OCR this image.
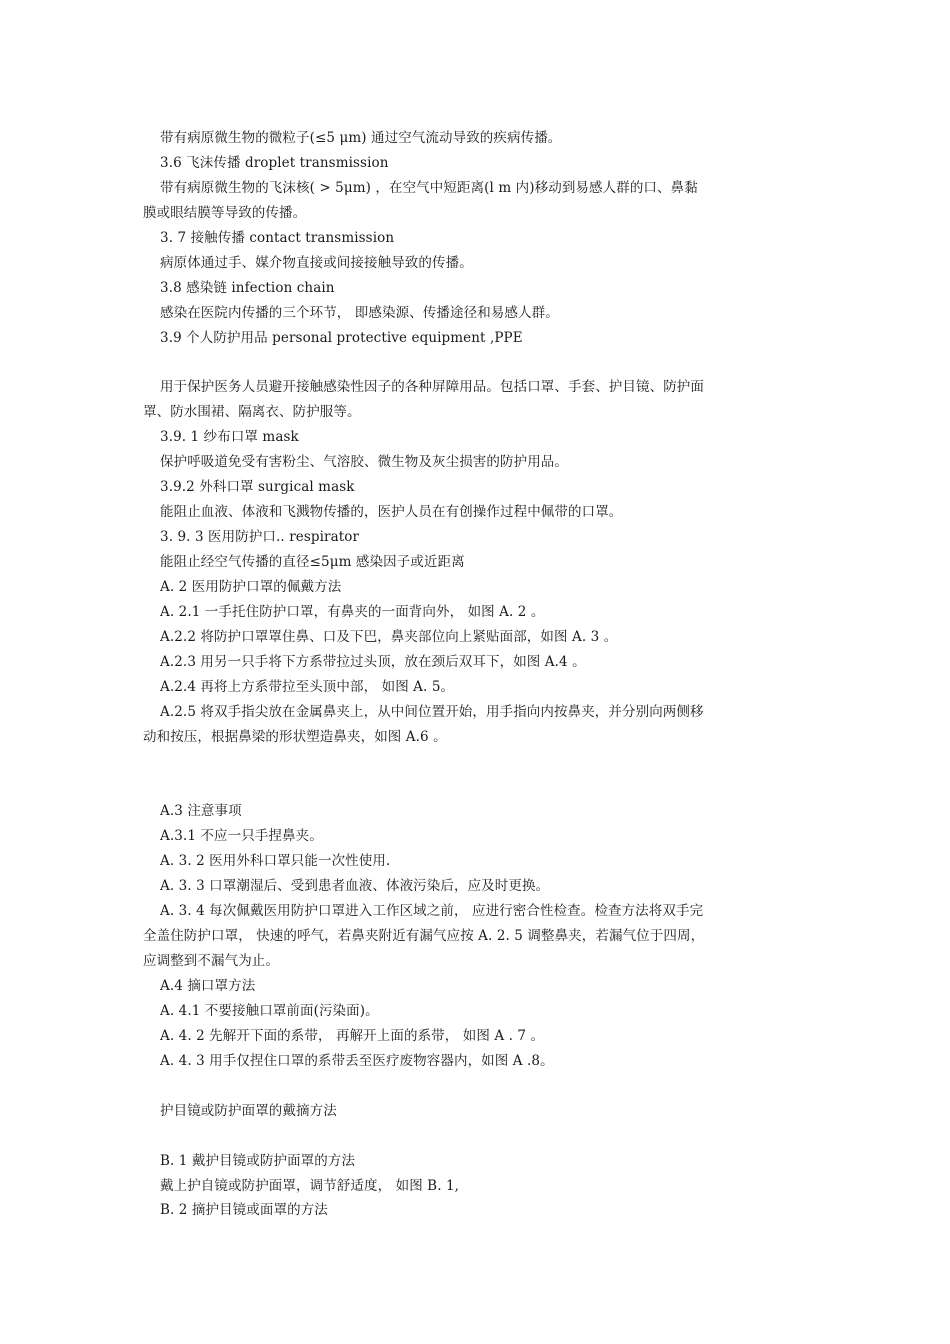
带有病原微生物的微粒子(≤5 μm) 通过空气流动导致的疾病传播。
3.6 飞沫传播 droplet transmission
带有病原微生物的飞沫核( > 5μm) ，在空气中短距离(l m 内)移动到易感人群的口、鼻黏
膜或眼结膜等导致的传播。
3. 7 接触传播 contact transmission
病原体通过手、媒介物直接或间接接触导致的传播。
3.8 感染链 infection chain
感染在医院内传播的三个环节， 即感染源、传播途径和易感人群。
3.9 个人防护用品 personal protective equipment ,PPE
用于保护医务人员避开接触感染性因子的各种屏障用品。包括口罩、手套、护目镜、防护面
罩、防水围裙、隔离衣、防护服等。
3.9. 1 纱布口罩 mask
保护呼吸道免受有害粉尘、气溶胶、微生物及灰尘损害的防护用品。
3.9.2 外科口罩 surgical mask
能阻止血液、体液和飞溅物传播的，医护人员在有创操作过程中佩带的口罩。
3. 9. 3 医用防护口.. respirator
能阻止经空气传播的直径≤5μm 感染因子或近距离
A. 2 医用防护口罩的佩戴方法
A. 2.1 一手托住防护口罩，有鼻夹的一面背向外， 如图 A. 2 。
A.2.2 将防护口罩罩住鼻、口及下巴，鼻夹部位向上紧贴面部，如图 A. 3 。
A.2.3 用另一只手将下方系带拉过头顶，放在颈后双耳下，如图 A.4 。
A.2.4 再将上方系带拉至头顶中部， 如图 A. 5。
A.2.5 将双手指尖放在金属鼻夹上，从中间位置开始，用手指向内按鼻夹，并分别向两侧移
动和按压，根据鼻梁的形状塑造鼻夹，如图 A.6 。
A.3 注意事项
A.3.1 不应一只手捏鼻夹。
A. 3. 2 医用外科口罩只能一次性使用.
A. 3. 3 口罩潮湿后、受到患者血液、体液污染后，应及时更换。
A. 3. 4 每次佩戴医用防护口罩进入工作区域之前， 应进行密合性检查。检查方法将双手完
全盖住防护口罩， 快速的呼气，若鼻夹附近有漏气应按 A. 2. 5 调整鼻夹，若漏气位于四周，
应调整到不漏气为止。
A.4 摘口罩方法
A. 4.1 不要接触口罩前面(污染面)。
A. 4. 2 先解开下面的系带， 再解开上面的系带， 如图 A . 7 。
A. 4. 3 用手仅捏住口罩的系带丢至医疗废物容器内，如图 A .8。
护目镜或防护面罩的戴摘方法
B. 1 戴护目镜或防护面罩的方法
戴上护自镜或防护面罩，调节舒适度， 如图 B. 1,
B. 2 摘护目镜或面罩的方法
